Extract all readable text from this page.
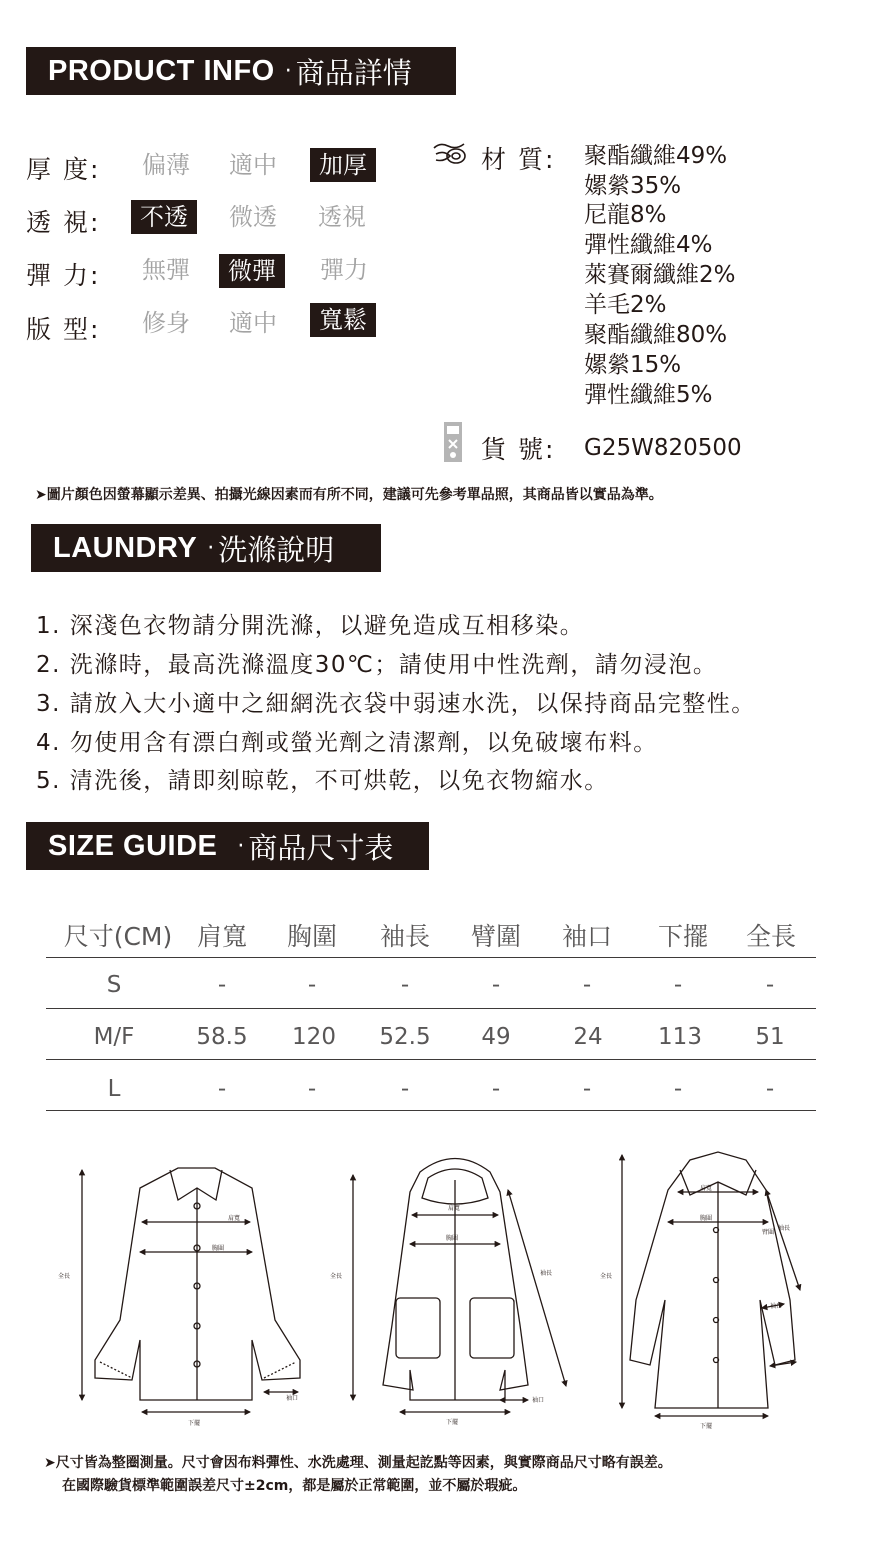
PRODUCT INFO · 商品詳情
厚 度: 偏薄 適中	加厚
透 視:	不透	微透 透視
彈 力: 無彈	微彈	彈力
版 型: 修身 適中	寬鬆
材 質: 聚酯纖維49%
嫘縈35%
尼龍8%
彈性纖維4%
萊賽爾纖維2%
羊毛2%
聚酯纖維80%
嫘縈15%
彈性纖維5%
貨 號: G25W820500
➤圖片顏色因螢幕顯示差異、拍攝光線因素而有所不同，建議可先參考單品照，其商品皆以實品為準。
LAUNDRY · 洗滌說明
1. 深淺色衣物請分開洗滌，以避免造成互相移染。
2. 洗滌時，最高洗滌溫度30℃；請使用中性洗劑，請勿浸泡。
3. 請放入大小適中之細網洗衣袋中弱速水洗，以保持商品完整性。
4. 勿使用含有漂白劑或螢光劑之清潔劑，以免破壞布料。
5. 清洗後，請即刻晾乾，不可烘乾，以免衣物縮水。
SIZE GUIDE · 商品尺寸表
尺寸(CM) 肩寬 胸圍 袖長 臂圍 袖口 下擺 全長
S	-	-	-	-	-	-	-
M/F	58.5 120 52.5 49	24 113 51
L	-	-	-	-	-	-	-
肩寬
胸圍
全長
下擺
袖口
肩寬
胸圍
全長	袖長
下擺
袖口
肩寬
胸圍
臂圍
袖長
全長
袖口
下擺
➤尺寸皆為整圈測量。尺寸會因布料彈性、水洗處理、測量起訖點等因素，與實際商品尺寸略有誤差。
在國際驗貨標準範圍誤差尺寸±2cm，都是屬於正常範圍，並不屬於瑕疵。
